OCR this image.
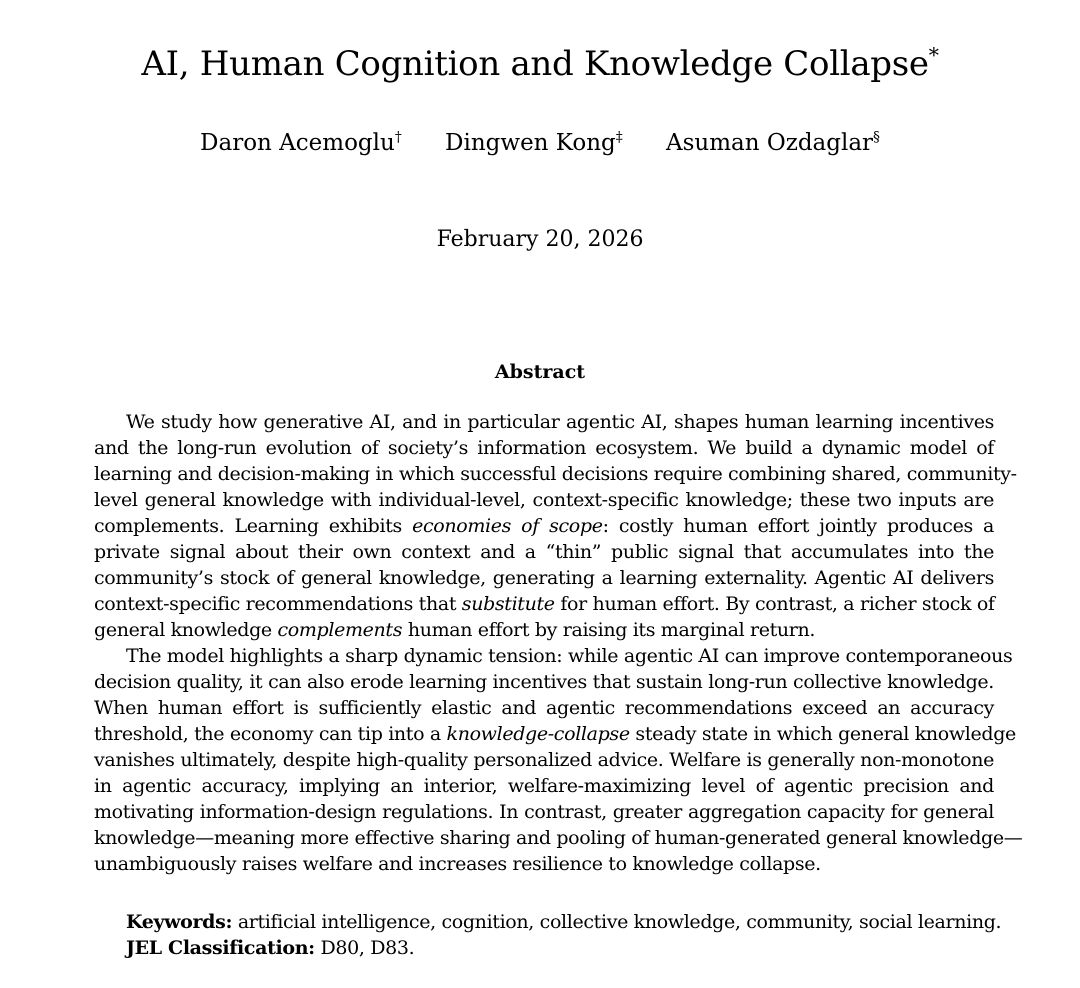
AI, Human Cognition and Knowledge Collapse*
Daron Acemoglu† Dingwen Kong‡ Asuman Ozdaglar§
February 20, 2026
Abstract
We study how generative AI, and in particular agentic AI, shapes human learning incentives
and the long-run evolution of society’s information ecosystem. We build a dynamic model of
learning and decision-making in which successful decisions require combining shared, community-
level general knowledge with individual-level, context-specific knowledge; these two inputs are
complements. Learning exhibits economies of scope: costly human effort jointly produces a
private signal about their own context and a “thin” public signal that accumulates into the
community’s stock of general knowledge, generating a learning externality. Agentic AI delivers
context-specific recommendations that substitute for human effort. By contrast, a richer stock of
general knowledge complements human effort by raising its marginal return.
The model highlights a sharp dynamic tension: while agentic AI can improve contemporaneous
decision quality, it can also erode learning incentives that sustain long-run collective knowledge.
When human effort is sufficiently elastic and agentic recommendations exceed an accuracy
threshold, the economy can tip into a knowledge-collapse steady state in which general knowledge
vanishes ultimately, despite high-quality personalized advice. Welfare is generally non-monotone
in agentic accuracy, implying an interior, welfare-maximizing level of agentic precision and
motivating information-design regulations. In contrast, greater aggregation capacity for general
knowledge—meaning more effective sharing and pooling of human-generated general knowledge—
unambiguously raises welfare and increases resilience to knowledge collapse.
Keywords: artificial intelligence, cognition, collective knowledge, community, social learning.
JEL Classification: D80, D83.
